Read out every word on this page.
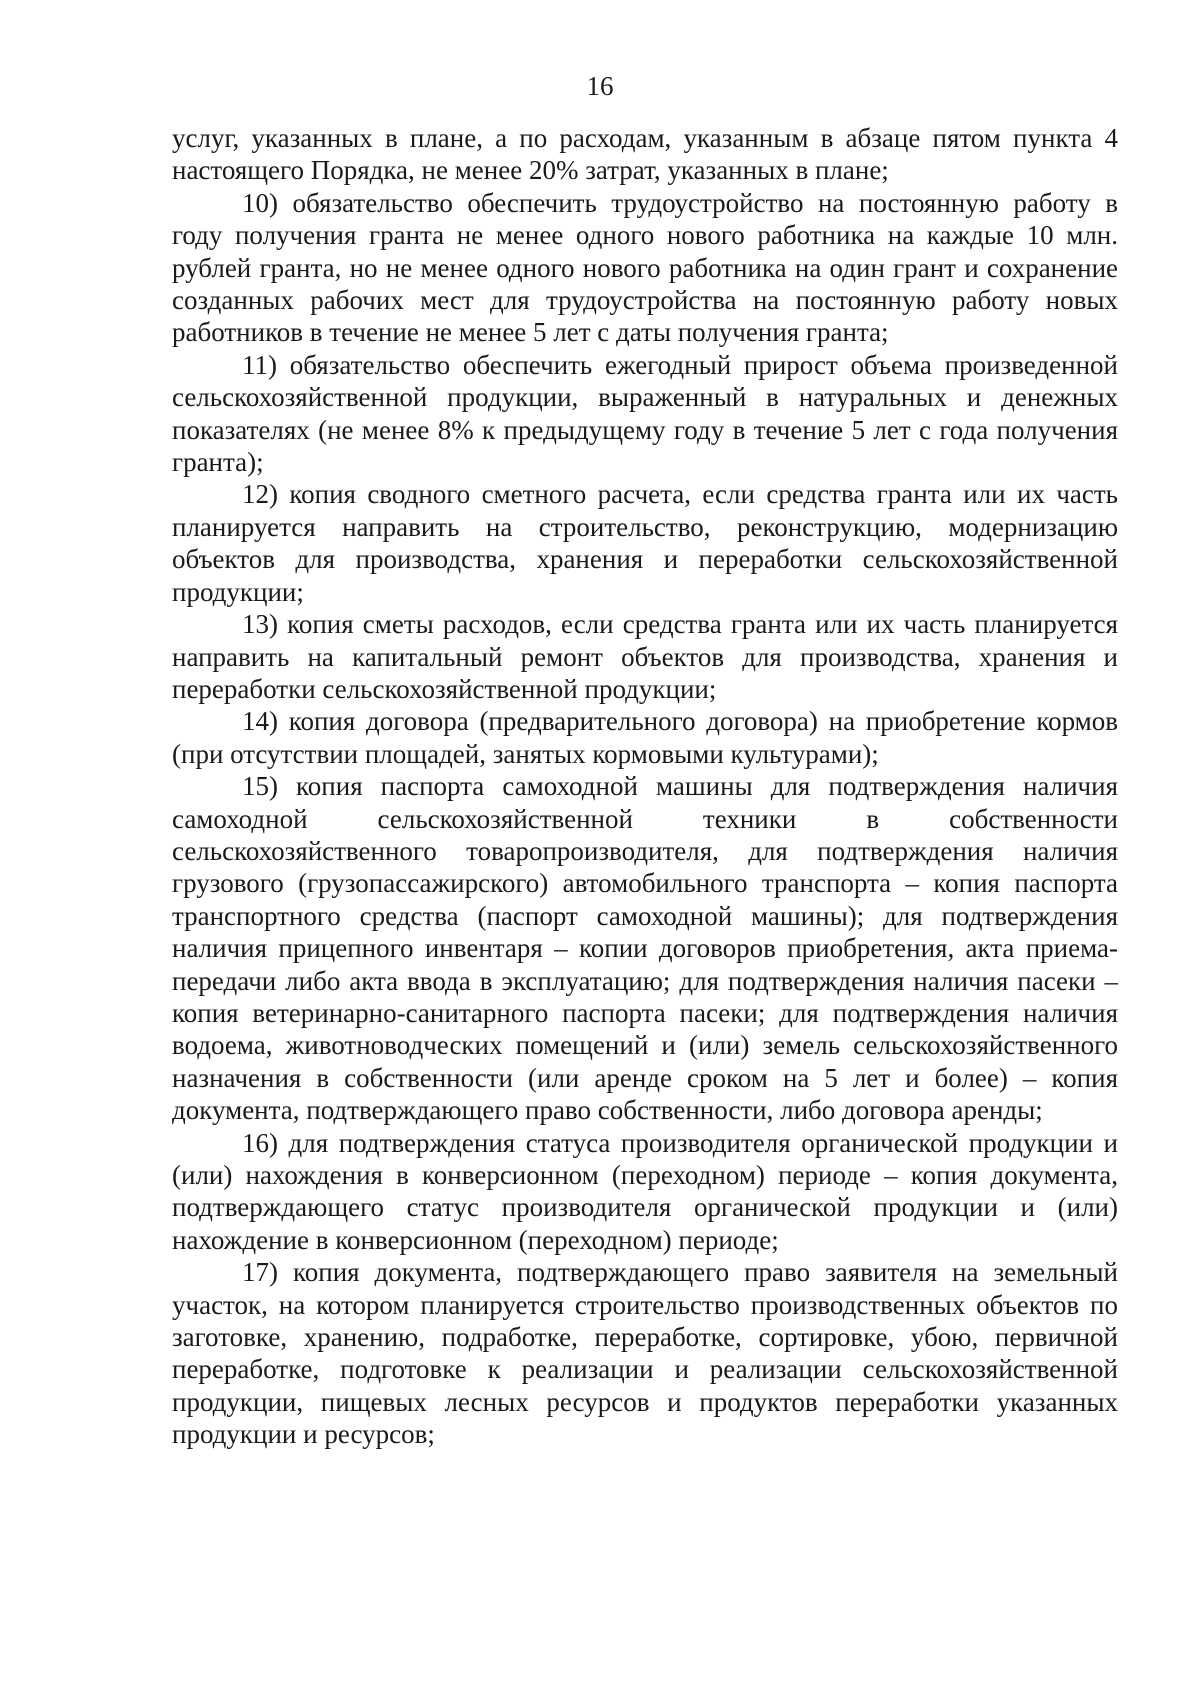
16

услуг, указанных в плане, а по расходам, указанным в абзаце пятом пункта 4 настоящего Порядка, не менее 20% затрат, указанных в плане;

10) обязательство обеспечить трудоустройство на постоянную работу в году получения гранта не менее одного нового работника на каждые 10 млн. рублей гранта, но не менее одного нового работника на один грант и сохранение созданных рабочих мест для трудоустройства на постоянную работу новых работников в течение не менее 5 лет с даты получения гранта;

11) обязательство обеспечить ежегодный прирост объема произведенной сельскохозяйственной продукции, выраженный в натуральных и денежных показателях (не менее 8% к предыдущему году в течение 5 лет с года получения гранта);

12) копия сводного сметного расчета, если средства гранта или их часть планируется направить на строительство, реконструкцию, модернизацию объектов для производства, хранения и переработки сельскохозяйственной продукции;

13) копия сметы расходов, если средства гранта или их часть планируется направить на капитальный ремонт объектов для производства, хранения и переработки сельскохозяйственной продукции;

14) копия договора (предварительного договора) на приобретение кормов (при отсутствии площадей, занятых кормовыми культурами);

15) копия паспорта самоходной машины для подтверждения наличия самоходной сельскохозяйственной техники в собственности сельскохозяйственного товаропроизводителя, для подтверждения наличия грузового (грузопассажирского) автомобильного транспорта – копия паспорта транспортного средства (паспорт самоходной машины); для подтверждения наличия прицепного инвентаря – копии договоров приобретения, акта приема-передачи либо акта ввода в эксплуатацию; для подтверждения наличия пасеки – копия ветеринарно-санитарного паспорта пасеки; для подтверждения наличия водоема, животноводческих помещений и (или) земель сельскохозяйственного назначения в собственности (или аренде сроком на 5 лет и более) – копия документа, подтверждающего право собственности, либо договора аренды;

16) для подтверждения статуса производителя органической продукции и (или) нахождения в конверсионном (переходном) периоде – копия документа, подтверждающего статус производителя органической продукции и (или) нахождение в конверсионном (переходном) периоде;

17) копия документа, подтверждающего право заявителя на земельный участок, на котором планируется строительство производственных объектов по заготовке, хранению, подработке, переработке, сортировке, убою, первичной переработке, подготовке к реализации и реализации сельскохозяйственной продукции, пищевых лесных ресурсов и продуктов переработки указанных продукции и ресурсов;
